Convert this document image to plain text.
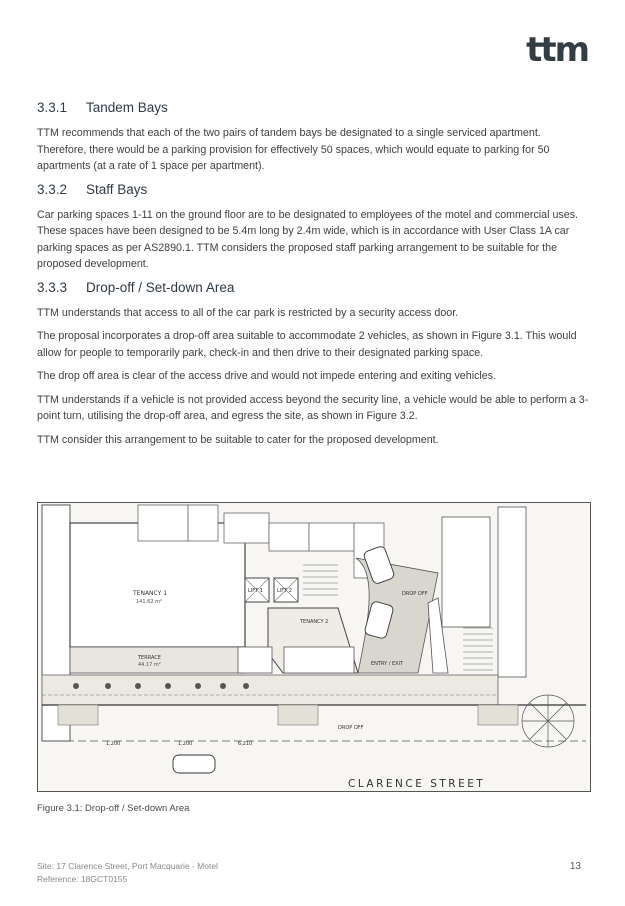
ttm
3.3.1	Tandem Bays

TTM recommends that each of the two pairs of tandem bays be designated to a single serviced apartment. Therefore, there would be a parking provision for effectively 50 spaces, which would equate to parking for 50 apartments (at a rate of 1 space per apartment).

3.3.2	Staff Bays

Car parking spaces 1-11 on the ground floor are to be designated to employees of the motel and commercial uses. These spaces have been designed to be 5.4m long by 2.4m wide, which is in accordance with User Class 1A car parking spaces as per AS2890.1. TTM considers the proposed staff parking arrangement to be suitable for the proposed development.

3.3.3	Drop-off / Set-down Area

TTM understands that access to all of the car park is restricted by a security access door.

The proposal incorporates a drop-off area suitable to accommodate 2 vehicles, as shown in Figure 3.1. This would allow for people to temporarily park, check-in and then drive to their designated parking space.

The drop off area is clear of the access drive and would not impede entering and exiting vehicles.

TTM understands if a vehicle is not provided access beyond the security line, a vehicle would be able to perform a 3-point turn, utilising the drop-off area, and egress the site, as shown in Figure 3.2.

TTM consider this arrangement to be suitable to cater for the proposed development.

TENANCY 1
141.62 m²
TERRACE
44.17 m²
LIFT 1	LIFT 2
TENANCY 2
DROP OFF
ENTRY / EXIT
DROP OFF
1,200	1,200	6,210
CLARENCE STREET
Figure 3.1: Drop-off / Set-down Area
Site: 17 Clarence Street, Port Macquarie - Motel
Reference: 18GCT0155
13
